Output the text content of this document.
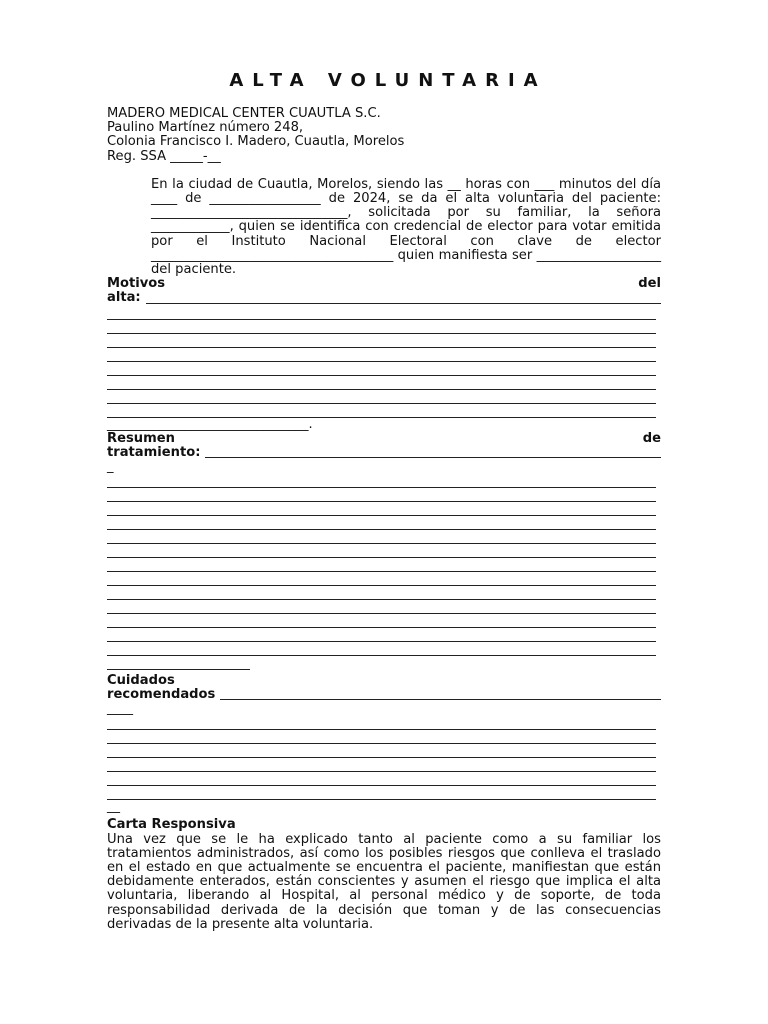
ALTA VOLUNTARIA
MADERO MEDICAL CENTER CUAUTLA S.C.
Paulino Martínez número 248,
Colonia Francisco I. Madero, Cuautla, Morelos
Reg. SSA _____-__
En la ciudad de Cuautla, Morelos, siendo las __ horas con ___ minutos del día ____ de _________________ de 2024, se da el alta voluntaria del paciente: ______________________________, solicitada por su familiar, la señora ____________, quien se identifica con credencial de elector para votar emitida por el Instituto Nacional Electoral con clave de elector _____________________________________ quien manifiesta ser ___________________ del paciente.
Motivos	del
alta:
_______________________________.
Resumen	de
tratamiento:
_
Cuidados
recomendados
____
__
Carta Responsiva
Una vez que se le ha explicado tanto al paciente como a su familiar los tratamientos administrados, así como los posibles riesgos que conlleva el traslado en el estado en que actualmente se encuentra el paciente, manifiestan que están debidamente enterados, están conscientes y asumen el riesgo que implica el alta voluntaria, liberando al Hospital, al personal médico y de soporte, de toda responsabilidad derivada de la decisión que toman y de las consecuencias derivadas de la presente alta voluntaria.
